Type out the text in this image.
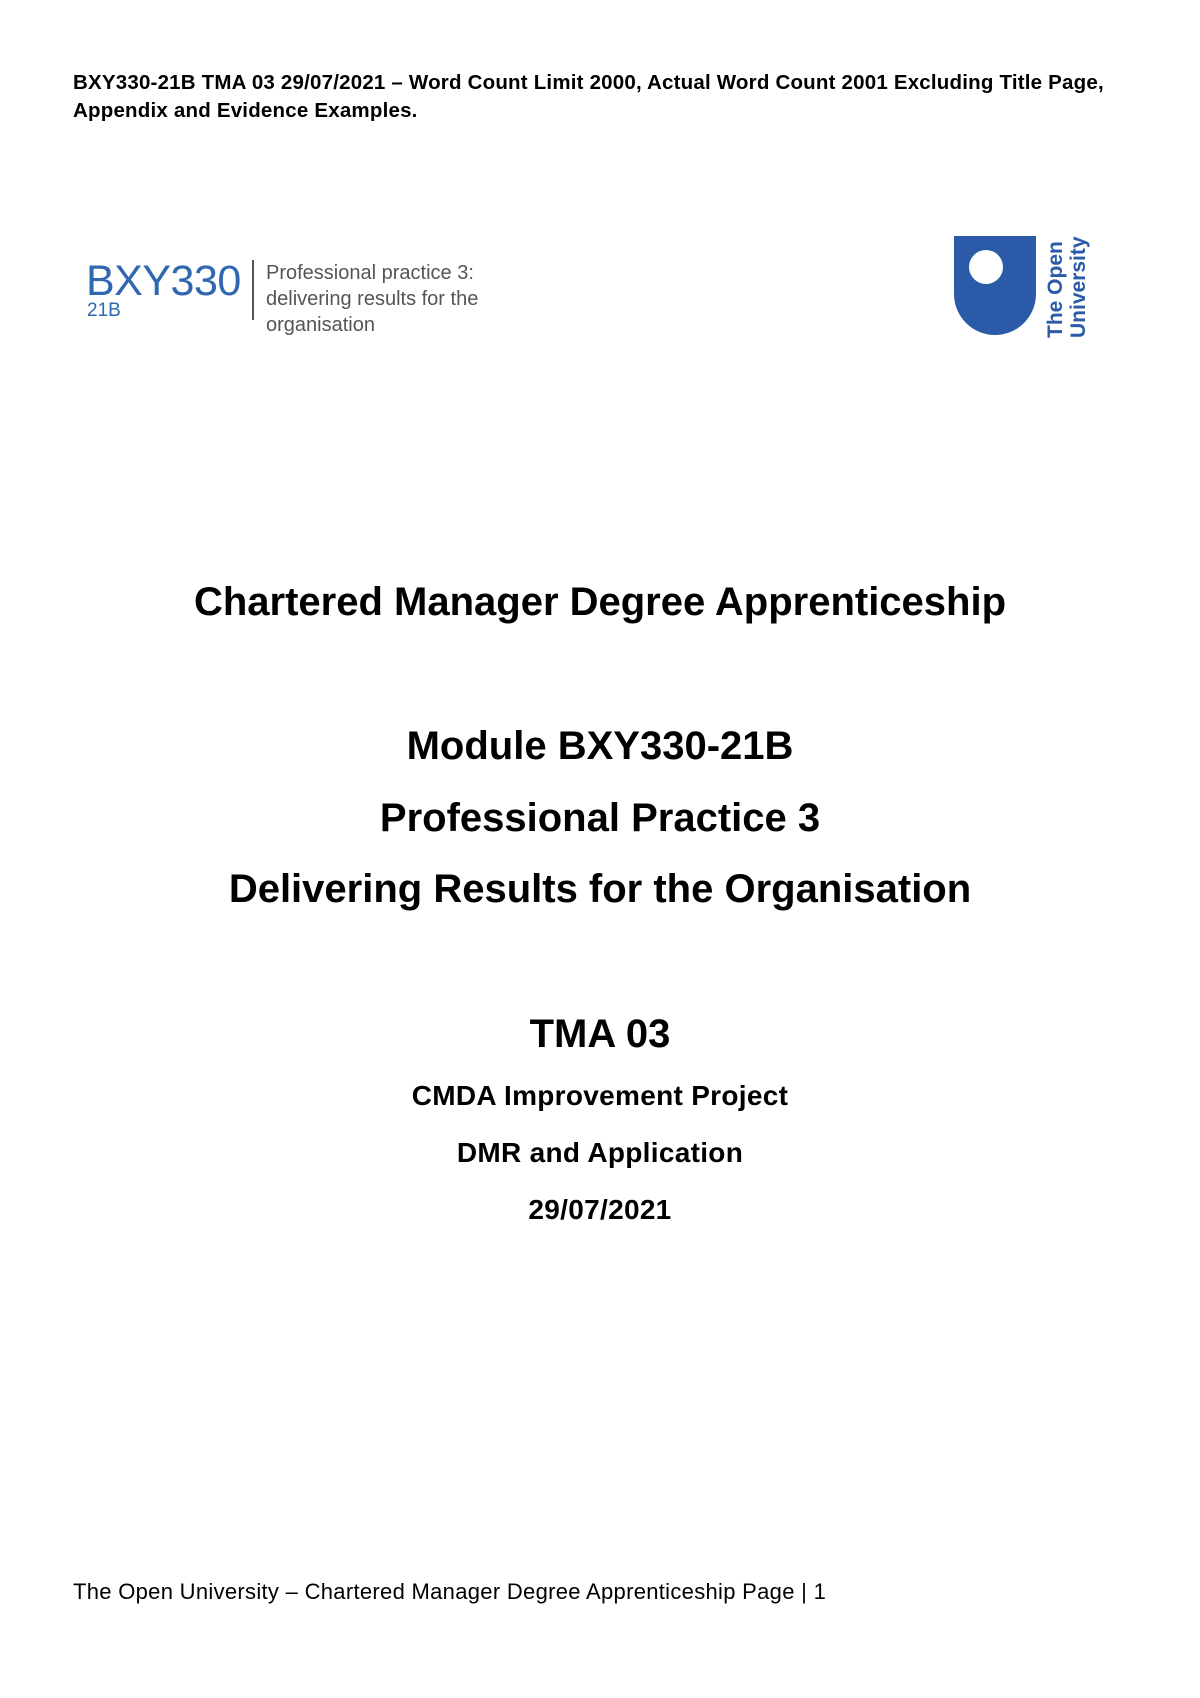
BXY330-21B TMA 03 29/07/2021 – Word Count Limit 2000, Actual Word Count 2001 Excluding Title Page, Appendix and Evidence Examples.
BXY330
21B
Professional practice 3:
delivering results for the
organisation	The Open University
Chartered Manager Degree Apprenticeship
Module BXY330-21B
Professional Practice 3
Delivering Results for the Organisation
TMA 03
CMDA Improvement Project
DMR and Application
29/07/2021
The Open University – Chartered Manager Degree Apprenticeship Page | 1
